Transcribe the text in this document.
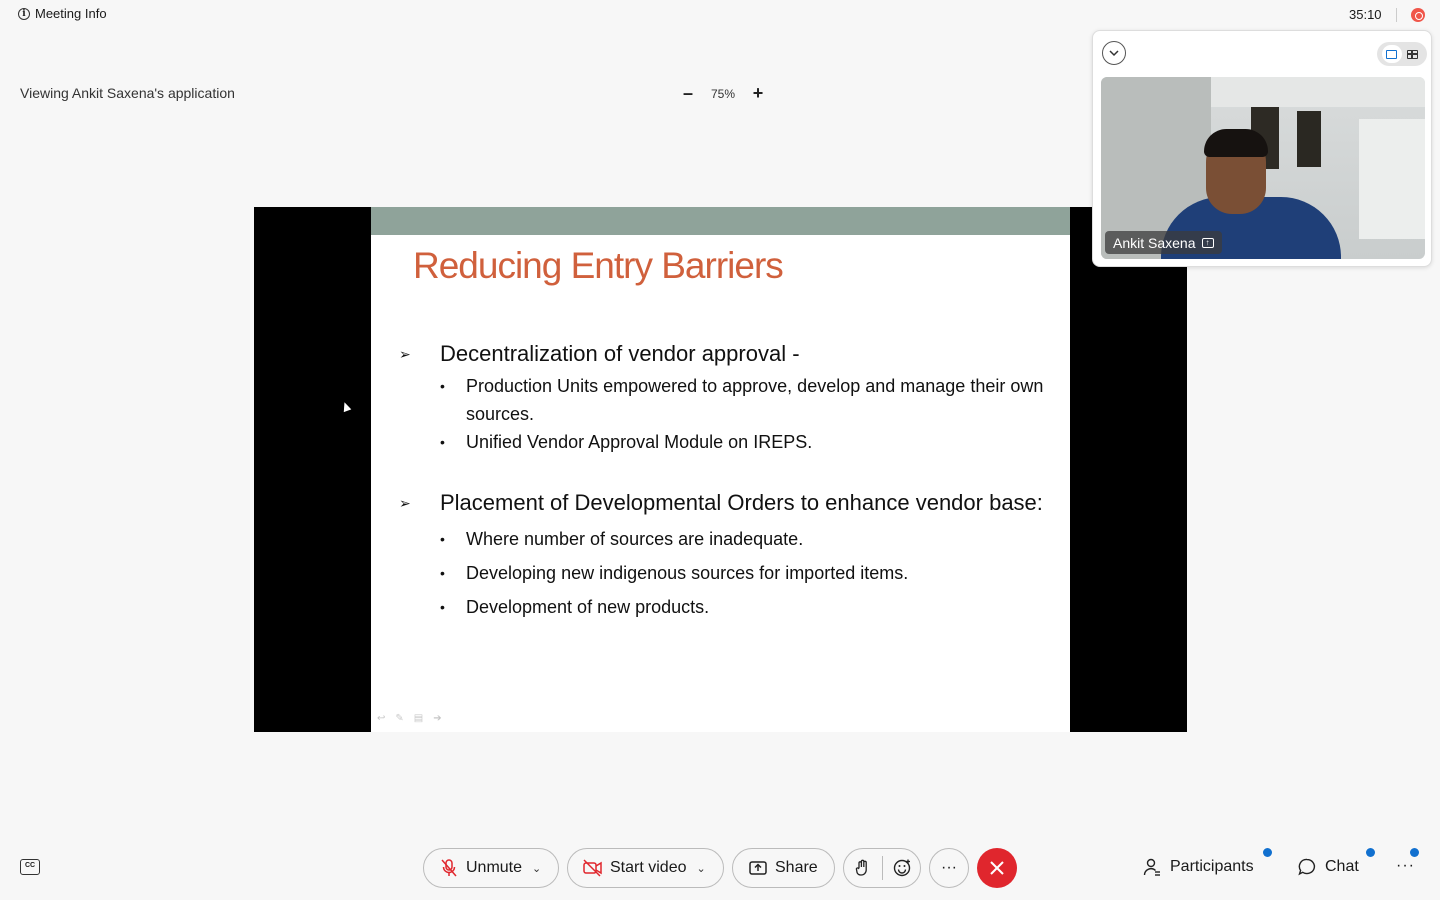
i Meeting Info	35:10
Viewing Ankit Saxena's application	–	75% +
Reducing Entry Barriers
➢ Decentralization of vendor approval -
• Production Units empowered to approve, develop and manage their own sources.
• Unified Vendor Approval Module on IREPS.
➢ Placement of Developmental Orders to enhance vendor base:
• Where number of sources are inadequate.
• Developing new indigenous sources for imported items.
• Development of new products.
↩ ✎ ▤ ➔
Ankit Saxena	↑
CC	Unmute ⌄	Start video ⌄	Share	···	Participants	Chat ···
